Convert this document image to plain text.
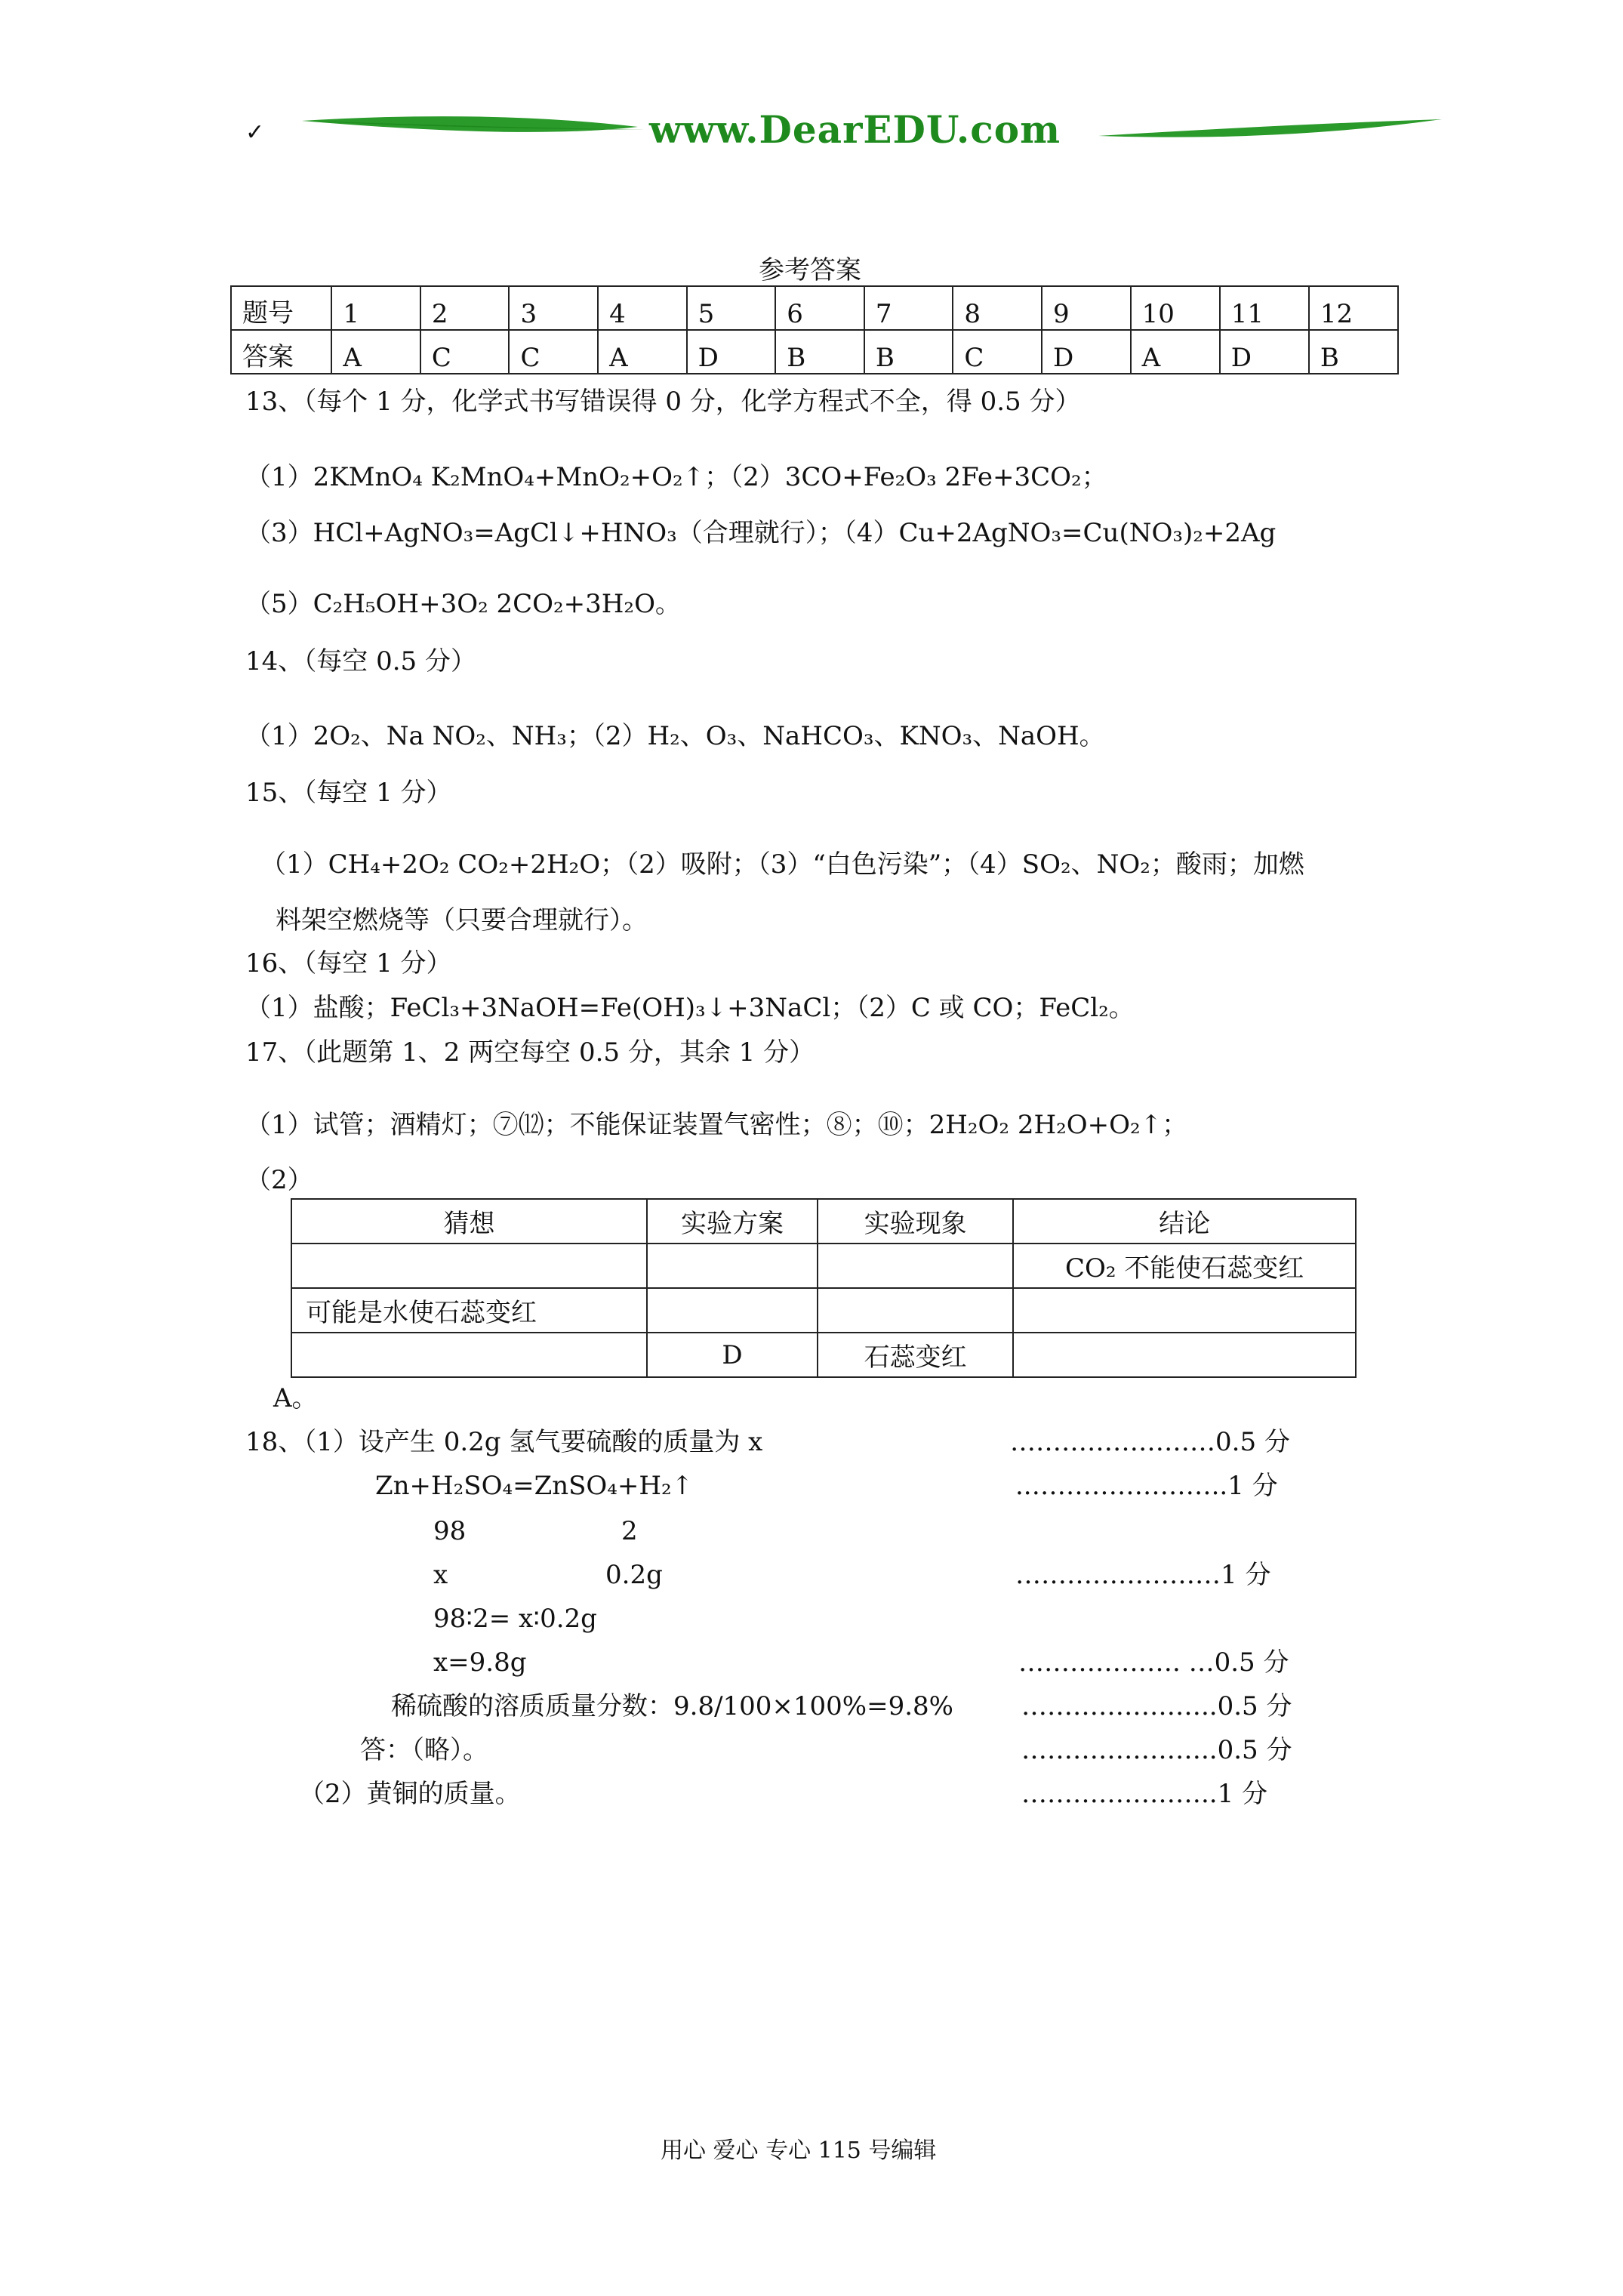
✓	www.DearEDU.com
参考答案
题号	1	2	3	4	5	6	7	8	9	10	11	12
答案	A	C	C	A	D	B	B	C	D	A	D	B
13、（每个 1 分，化学式书写错误得 0 分，化学方程式不全，得 0.5 分）
（1）2KMnO₄ K₂MnO₄+MnO₂+O₂↑；（2）3CO+Fe₂O₃ 2Fe+3CO₂；
（3）HCl+AgNO₃=AgCl↓+HNO₃（合理就行）；（4）Cu+2AgNO₃=Cu(NO₃)₂+2Ag
（5）C₂H₅OH+3O₂ 2CO₂+3H₂O。
14、（每空 0.5 分）
（1）2O₂、Na NO₂、NH₃；（2）H₂、O₃、NaHCO₃、KNO₃、NaOH。
15、（每空 1 分）
（1）CH₄+2O₂ CO₂+2H₂O；（2）吸附；（3）“白色污染”；（4）SO₂、NO₂；酸雨；加燃
料架空燃烧等（只要合理就行）。
16、（每空 1 分）
（1）盐酸；FeCl₃+3NaOH=Fe(OH)₃↓+3NaCl；（2）C 或 CO；FeCl₂。
17、（此题第 1、2 两空每空 0.5 分，其余 1 分）
（1）试管；酒精灯；⑦⑿；不能保证装置气密性；⑧；⑩；2H₂O₂ 2H₂O+O₂↑；
（2）
猜想	实验方案	实验现象	结论
			CO₂ 不能使石蕊变红
可能是水使石蕊变红			
	D	石蕊变红	
A。
18、（1）设产生 0.2g 氢气要硫酸的质量为 x	……………………0.5 分
Zn+H₂SO₄=ZnSO₄+H₂↑	..…………………..1 分
98	2
x	0.2g	……………………1 分
98∶2= x∶0.2g
x=9.8g	………………. …0.5 分
稀硫酸的溶质质量分数：9.8/100×100%=9.8%	…………………..0.5 分
答：（略）。	…………………..0.5 分
（2）黄铜的质量。	…………………..1 分
用心 爱心 专心 115 号编辑
